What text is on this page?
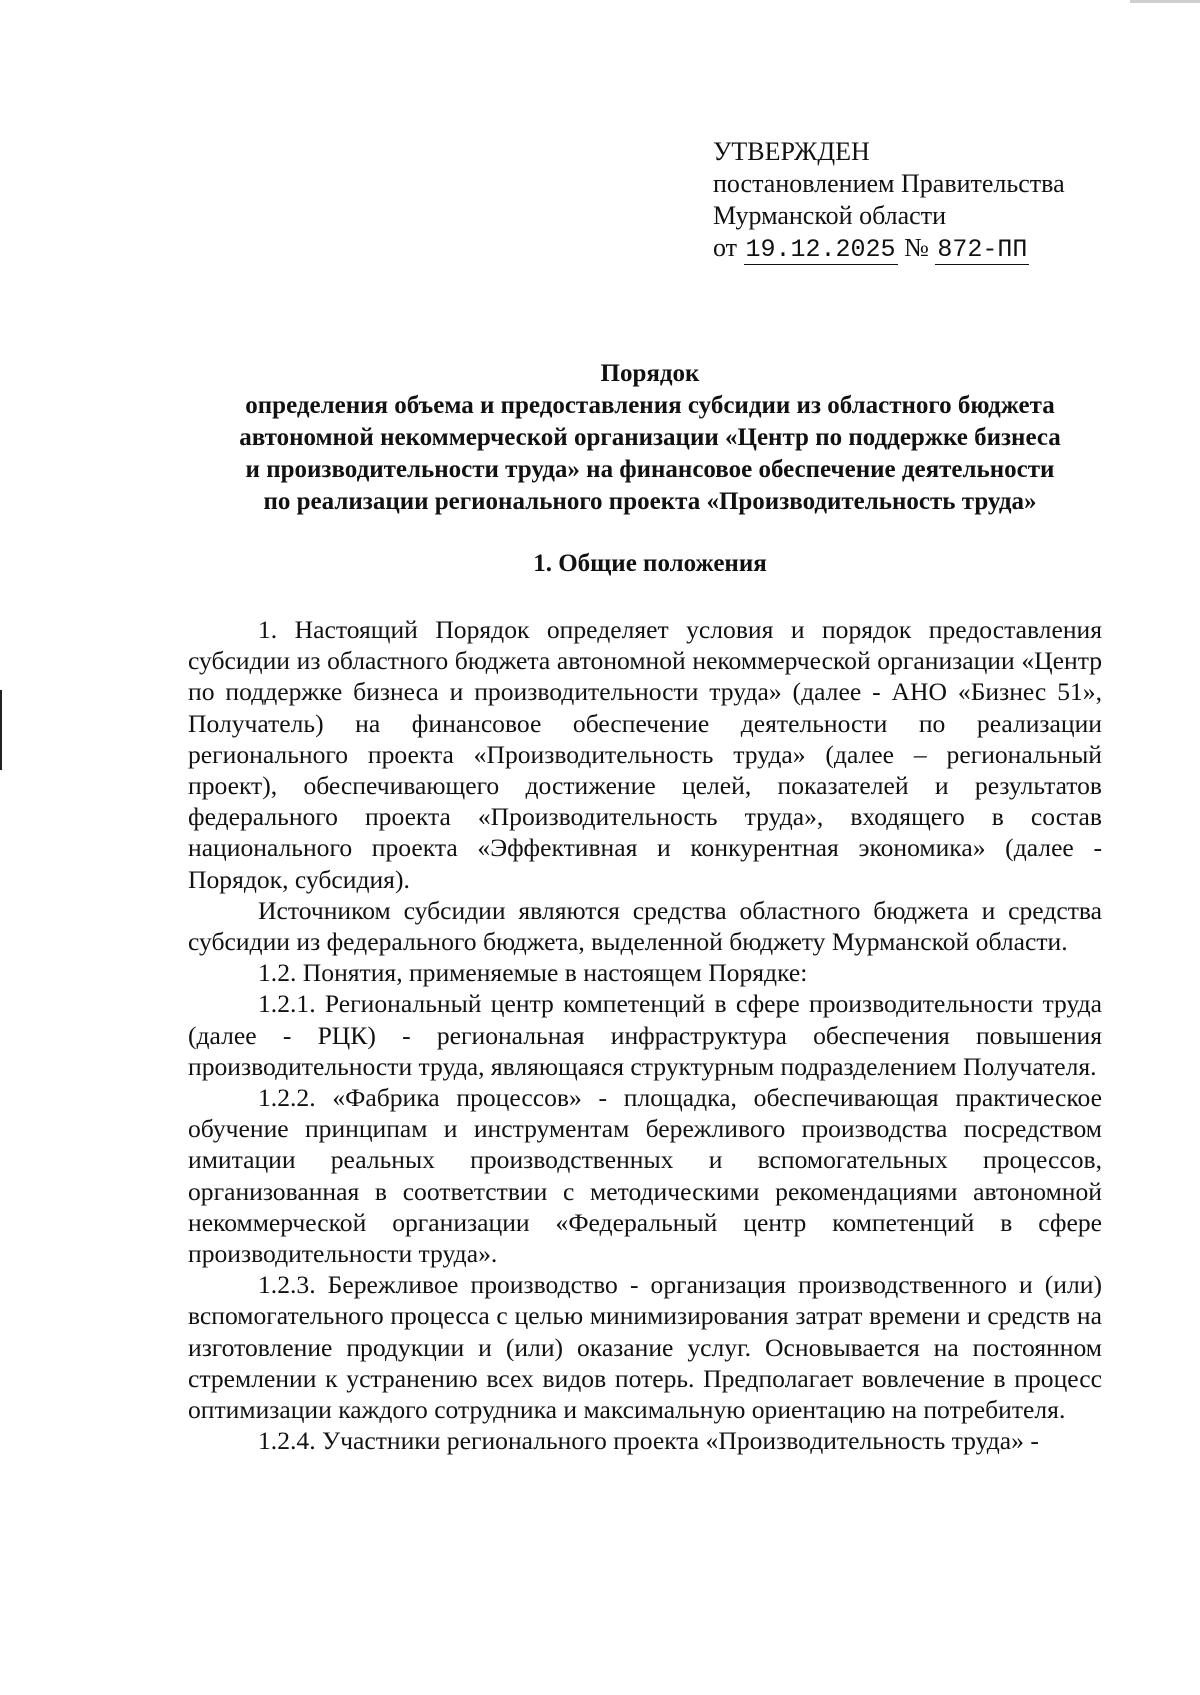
УТВЕРЖДЕН
постановлением Правительства
Мурманской области
от 19.12.2025 № 872-ПП
Порядок
определения объема и предоставления субсидии из областного бюджета
автономной некоммерческой организации «Центр по поддержке бизнеса
и производительности труда» на финансовое обеспечение деятельности
по реализации регионального проекта «Производительность труда»
1. Общие положения

1. Настоящий Порядок определяет условия и порядок предоставления субсидии из областного бюджета автономной некоммерческой организации «Центр по поддержке бизнеса и производительности труда» (далее - АНО «Бизнес 51», Получатель) на финансовое обеспечение деятельности по реализации регионального проекта «Производительность труда» (далее – региональный проект), обеспечивающего достижение целей, показателей и результатов федерального проекта «Производительность труда», входящего в состав национального проекта «Эффективная и конкурентная экономика» (далее - Порядок, субсидия).

Источником субсидии являются средства областного бюджета и средства субсидии из федерального бюджета, выделенной бюджету Мурманской области.

1.2. Понятия, применяемые в настоящем Порядке:

1.2.1. Региональный центр компетенций в сфере производительности труда (далее - РЦК) - региональная инфраструктура обеспечения повышения производительности труда, являющаяся структурным подразделением Получателя.

1.2.2. «Фабрика процессов» - площадка, обеспечивающая практическое обучение принципам и инструментам бережливого производства посредством имитации реальных производственных и вспомогательных процессов, организованная в соответствии с методическими рекомендациями автономной некоммерческой организации «Федеральный центр компетенций в сфере производительности труда».

1.2.3. Бережливое производство - организация производственного и (или) вспомогательного процесса с целью минимизирования затрат времени и средств на изготовление продукции и (или) оказание услуг. Основывается на постоянном стремлении к устранению всех видов потерь. Предполагает вовлечение в процесс оптимизации каждого сотрудника и максимальную ориентацию на потребителя.

1.2.4. Участники регионального проекта «Производительность труда» -
